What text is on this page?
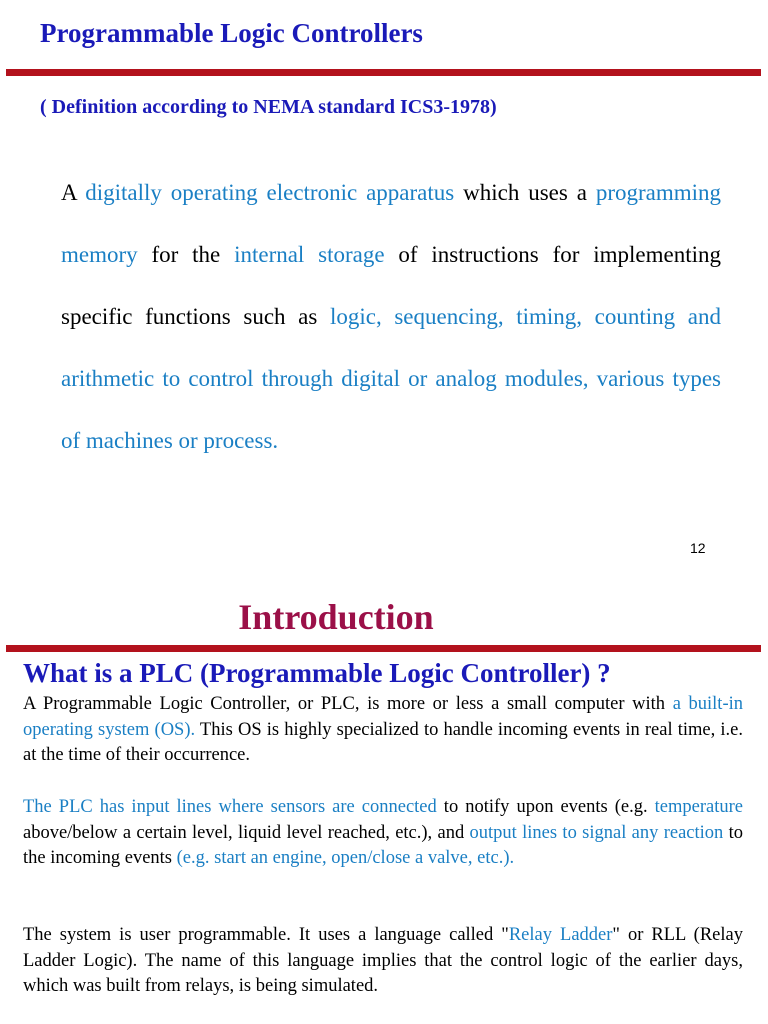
Programmable Logic Controllers
( Definition according to NEMA standard ICS3-1978)

A digitally operating electronic apparatus which uses a programming memory for the internal storage of instructions for implementing specific functions such as logic, sequencing, timing, counting and arithmetic to control through digital or analog modules, various types of machines or process.

12
Introduction
What is a PLC (Programmable Logic Controller) ?

A Programmable Logic Controller, or PLC, is more or less a small computer with a built-in operating system (OS). This OS is highly specialized to handle incoming events in real time, i.e. at the time of their occurrence.

The PLC has input lines where sensors are connected to notify upon events (e.g. temperature above/below a certain level, liquid level reached, etc.), and output lines to signal any reaction to the incoming events (e.g. start an engine, open/close a valve, etc.).

The system is user programmable. It uses a language called "Relay Ladder" or RLL (Relay Ladder Logic). The name of this language implies that the control logic of the earlier days, which was built from relays, is being simulated.
